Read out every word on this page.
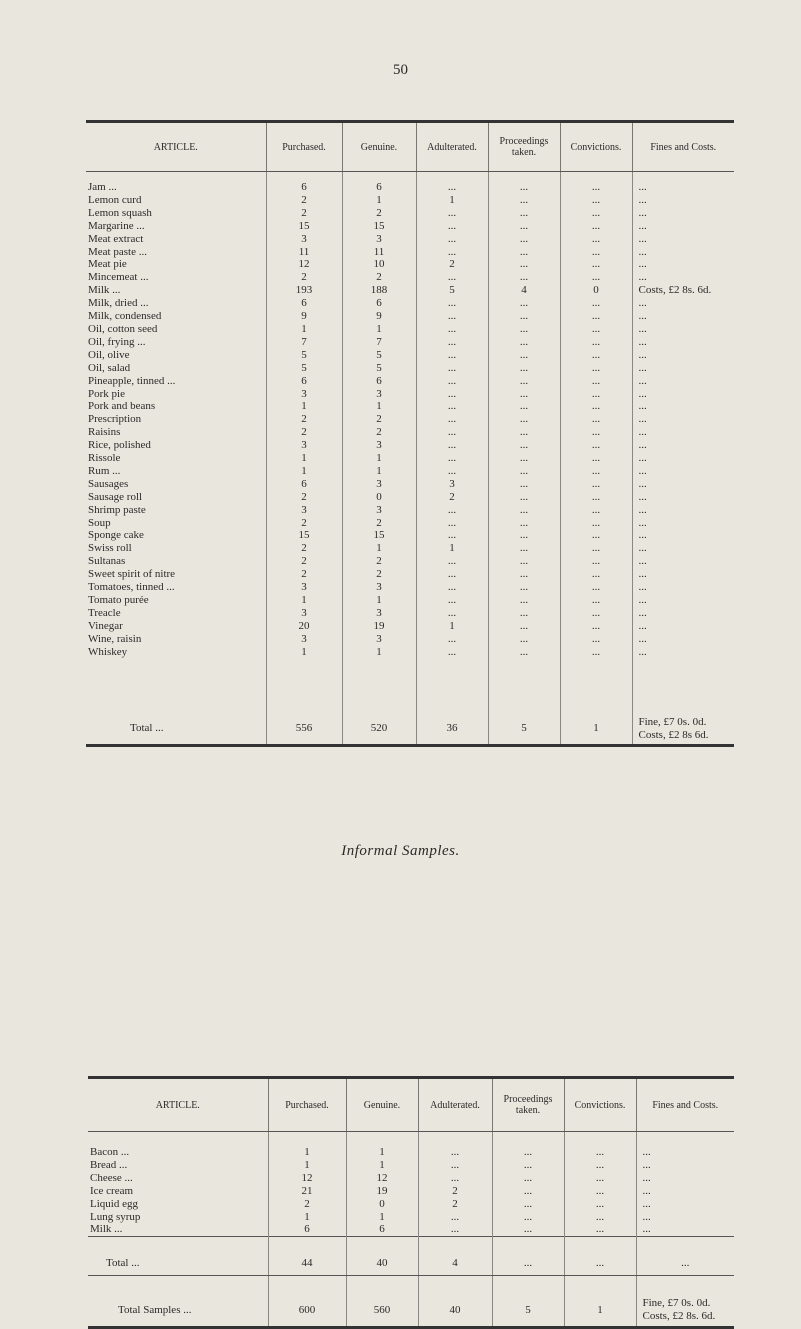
50
ARTICLE.	Purchased.	Genuine.	Adulterated.	Proceedings taken.	Convictions.	Fines and Costs.
Jam ...	6	6	...	...	...	...
Lemon curd	2	1	1	...	...	...
Lemon squash	2	2	...	...	...	...
Margarine ...	15	15	...	...	...	...
Meat extract	3	3	...	...	...	...
Meat paste ...	11	11	...	...	...	...
Meat pie	12	10	2	...	...	...
Mincemeat ...	2	2	...	...	...	...
Milk ...	193	188	5	4	0	Costs, £2 8s. 6d.
Milk, dried ...	6	6	...	...	...	...
Milk, condensed	9	9	...	...	...	...
Oil, cotton seed	1	1	...	...	...	...
Oil, frying ...	7	7	...	...	...	...
Oil, olive	5	5	...	...	...	...
Oil, salad	5	5	...	...	...	...
Pineapple, tinned ...	6	6	...	...	...	...
Pork pie	3	3	...	...	...	...
Pork and beans	1	1	...	...	...	...
Prescription	2	2	...	...	...	...
Raisins	2	2	...	...	...	...
Rice, polished	3	3	...	...	...	...
Rissole	1	1	...	...	...	...
Rum ...	1	1	...	...	...	...
Sausages	6	3	3	...	...	...
Sausage roll	2	0	2	...	...	...
Shrimp paste	3	3	...	...	...	...
Soup	2	2	...	...	...	...
Sponge cake	15	15	...	...	...	...
Swiss roll	2	1	1	...	...	...
Sultanas	2	2	...	...	...	...
Sweet spirit of nitre	2	2	...	...	...	...
Tomatoes, tinned ...	3	3	...	...	...	...
Tomato purée	1	1	...	...	...	...
Treacle	3	3	...	...	...	...
Vinegar	20	19	1	...	...	...
Wine, raisin	3	3	...	...	...	...
Whiskey	1	1	...	...	...	...

Total ...	556	520	36	5	1	Fine, £7 0s. 0d.
Costs, £2 8s 6d.
Informal Samples.
ARTICLE.	Purchased.	Genuine.	Adulterated.	Proceedings taken.	Convictions.	Fines and Costs.
Bacon ...	1	1	...	...	...	...
Bread ...	1	1	...	...	...	...
Cheese ...	12	12	...	...	...	...
Ice cream	21	19	2	...	...	...
Liquid egg	2	0	2	...	...	...
Lung syrup	1	1	...	...	...	...
Milk ...	6	6	...	...	...	...
Total ...	44	40	4	...	...	...

Total Samples ...	600	560	40	5	1	Fine, £7 0s. 0d.
Costs, £2 8s. 6d.
